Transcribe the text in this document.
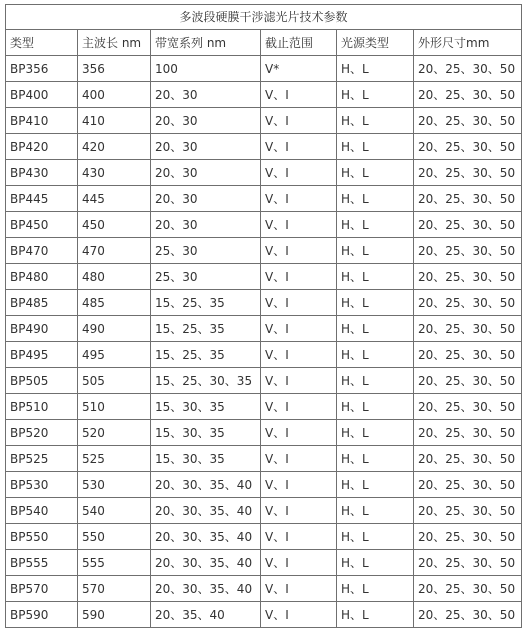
多波段硬膜干涉滤光片技术参数					
类型	主波长 nm	带宽系列 nm	截止范围	光源类型	外形尺寸mm
BP356	356	100	V*	H、L	20、25、30、50
BP400	400	20、30	V、I	H、L	20、25、30、50
BP410	410	20、30	V、I	H、L	20、25、30、50
BP420	420	20、30	V、I	H、L	20、25、30、50
BP430	430	20、30	V、I	H、L	20、25、30、50
BP445	445	20、30	V、I	H、L	20、25、30、50
BP450	450	20、30	V、I	H、L	20、25、30、50
BP470	470	25、30	V、I	H、L	20、25、30、50
BP480	480	25、30	V、I	H、L	20、25、30、50
BP485	485	15、25、35	V、I	H、L	20、25、30、50
BP490	490	15、25、35	V、I	H、L	20、25、30、50
BP495	495	15、25、35	V、I	H、L	20、25、30、50
BP505	505	15、25、30、35	V、I	H、L	20、25、30、50
BP510	510	15、30、35	V、I	H、L	20、25、30、50
BP520	520	15、30、35	V、I	H、L	20、25、30、50
BP525	525	15、30、35	V、I	H、L	20、25、30、50
BP530	530	20、30、35、40	V、I	H、L	20、25、30、50
BP540	540	20、30、35、40	V、I	H、L	20、25、30、50
BP550	550	20、30、35、40	V、I	H、L	20、25、30、50
BP555	555	20、30、35、40	V、I	H、L	20、25、30、50
BP570	570	20、30、35、40	V、I	H、L	20、25、30、50
BP590	590	20、35、40	V、I	H、L	20、25、30、50
